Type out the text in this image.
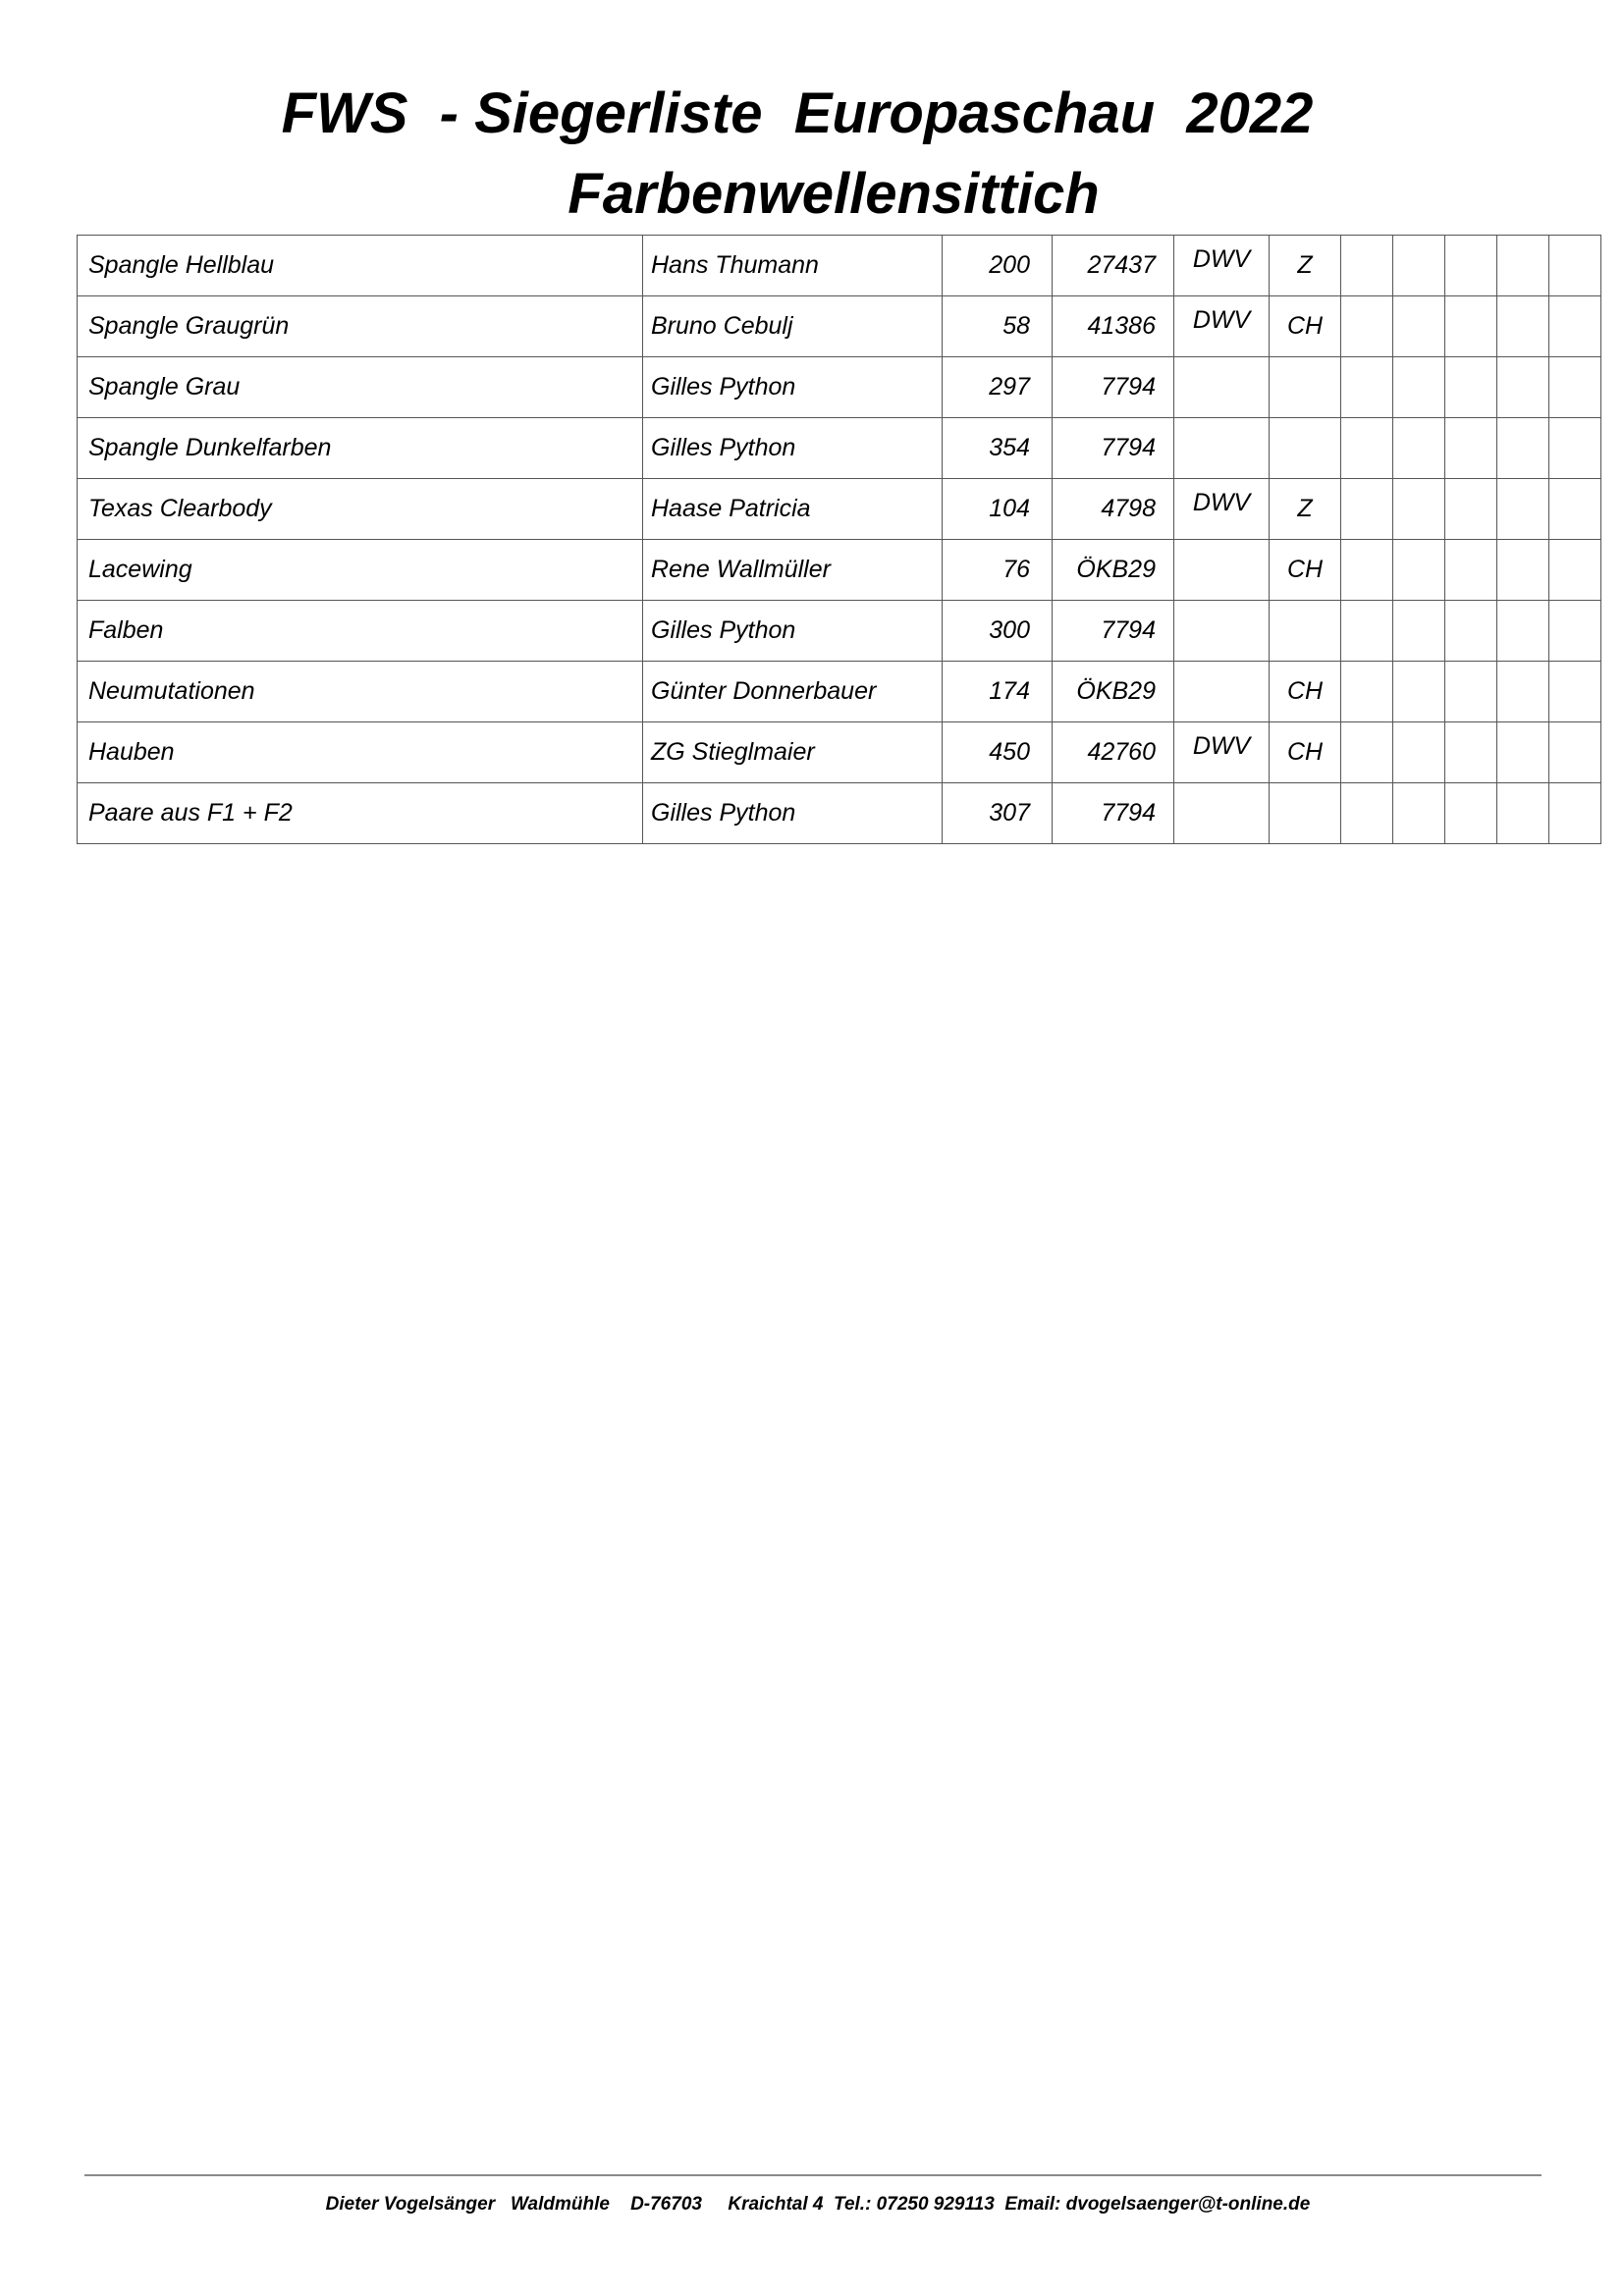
FWS  - Siegerliste  Europaschau  2022
Farbenwellensittich
Spangle Hellblau	Hans Thumann	200	27437	DWV	Z					
Spangle Graugrün	Bruno Cebulj	58	41386	DWV	CH					
Spangle Grau	Gilles Python	297	7794							
Spangle Dunkelfarben	Gilles Python	354	7794							
Texas Clearbody	Haase Patricia	104	4798	DWV	Z					
Lacewing	Rene Wallmüller	76	ÖKB29		CH					
Falben	Gilles Python	300	7794							
Neumutationen	Günter Donnerbauer	174	ÖKB29		CH					
Hauben	ZG Stieglmaier	450	42760	DWV	CH					
Paare aus F1 + F2	Gilles Python	307	7794							
Dieter Vogelsänger   Waldmühle    D-76703     Kraichtal 4  Tel.: 07250 929113  Email: dvogelsaenger@t-online.de
